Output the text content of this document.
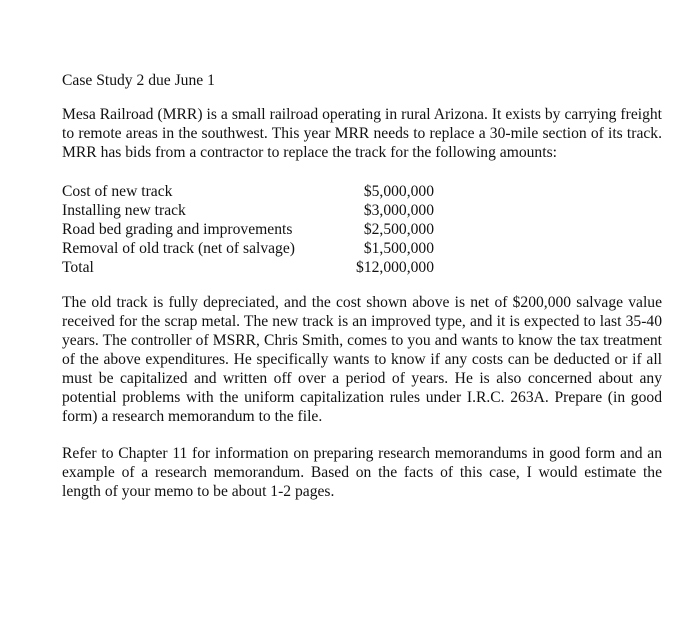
Case Study 2 due June 1

Mesa Railroad (MRR) is a small railroad operating in rural Arizona. It exists by carrying freight to remote areas in the southwest. This year MRR needs to replace a 30-mile section of its track. MRR has bids from a contractor to replace the track for the following amounts:

Cost of new track	$5,000,000
Installing new track	$3,000,000
Road bed grading and improvements	$2,500,000
Removal of old track (net of salvage)	$1,500,000
Total	$12,000,000

The old track is fully depreciated, and the cost shown above is net of $200,000 salvage value received for the scrap metal. The new track is an improved type, and it is expected to last 35-40 years. The controller of MSRR, Chris Smith, comes to you and wants to know the tax treatment of the above expenditures. He specifically wants to know if any costs can be deducted or if all must be capitalized and written off over a period of years. He is also concerned about any potential problems with the uniform capitalization rules under I.R.C. 263A. Prepare (in good form) a research memorandum to the file.

Refer to Chapter 11 for information on preparing research memorandums in good form and an example of a research memorandum. Based on the facts of this case, I would estimate the length of your memo to be about 1-2 pages.
